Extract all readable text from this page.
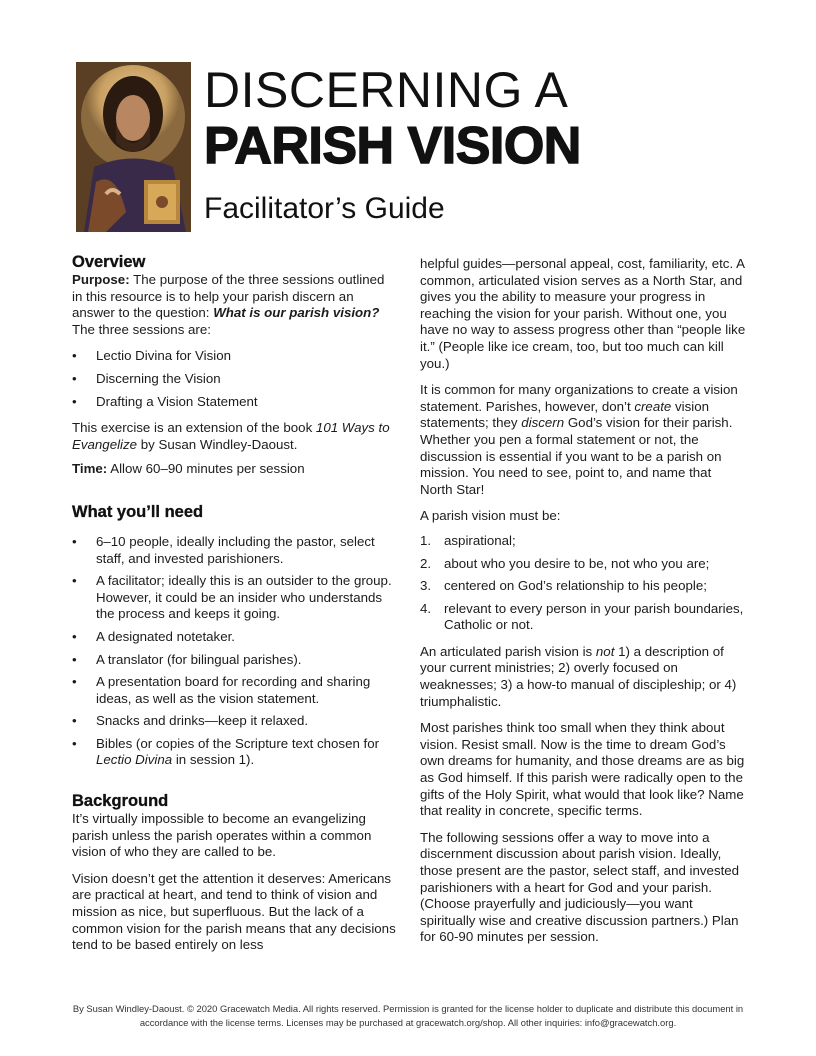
DISCERNING A
PARISH VISION
Facilitator’s Guide
Overview

Purpose: The purpose of the three sessions outlined in this resource is to help your parish discern an answer to the question: What is our parish vision? The three sessions are:

• Lectio Divina for Vision
• Discerning the Vision
• Drafting a Vision Statement

This exercise is an extension of the book 101 Ways to Evangelize by Susan Windley-Daoust.

Time: Allow 60–90 minutes per session

What you’ll need
• 6–10 people, ideally including the pastor, select staff, and invested parishioners.
• A facilitator; ideally this is an outsider to the group. However, it could be an insider who understands the process and keeps it going.
• A designated notetaker.
• A translator (for bilingual parishes).
• A presentation board for recording and sharing ideas, as well as the vision statement.
• Snacks and drinks—keep it relaxed.
• Bibles (or copies of the Scripture text chosen for Lectio Divina in session 1).
Background

It’s virtually impossible to become an evangelizing parish unless the parish operates within a common vision of who they are called to be.

Vision doesn’t get the attention it deserves: Americans are practical at heart, and tend to think of vision and mission as nice, but superfluous. But the lack of a common vision for the parish means that any decisions tend to be based entirely on less

helpful guides—personal appeal, cost, familiarity, etc. A common, articulated vision serves as a North Star, and gives you the ability to measure your progress in reaching the vision for your parish. Without one, you have no way to assess progress other than “people like it.” (People like ice cream, too, but too much can kill you.)

It is common for many organizations to create a vision statement. Parishes, however, don’t create vision statements; they discern God’s vision for their parish. Whether you pen a formal statement or not, the discussion is essential if you want to be a parish on mission. You need to see, point to, and name that North Star!

A parish vision must be:

1. aspirational;
2. about who you desire to be, not who you are;
3. centered on God’s relationship to his people;
4. relevant to every person in your parish boundaries, Catholic or not.

An articulated parish vision is not 1) a description of your current ministries; 2) overly focused on weaknesses; 3) a how-to manual of discipleship; or 4) triumphalistic.

Most parishes think too small when they think about vision. Resist small. Now is the time to dream God’s own dreams for humanity, and those dreams are as big as God himself. If this parish were radically open to the gifts of the Holy Spirit, what would that look like? Name that reality in concrete, specific terms.

The following sessions offer a way to move into a discernment discussion about parish vision. Ideally, those present are the pastor, select staff, and invested parishioners with a heart for God and your parish. (Choose prayerfully and judiciously—you want spiritually wise and creative discussion partners.) Plan for 60-90 minutes per session.

By Susan Windley-Daoust. © 2020 Gracewatch Media. All rights reserved. Permission is granted for the license holder to duplicate and distribute this document in accordance with the license terms. Licenses may be purchased at gracewatch.org/shop. All other inquiries: info@gracewatch.org.
